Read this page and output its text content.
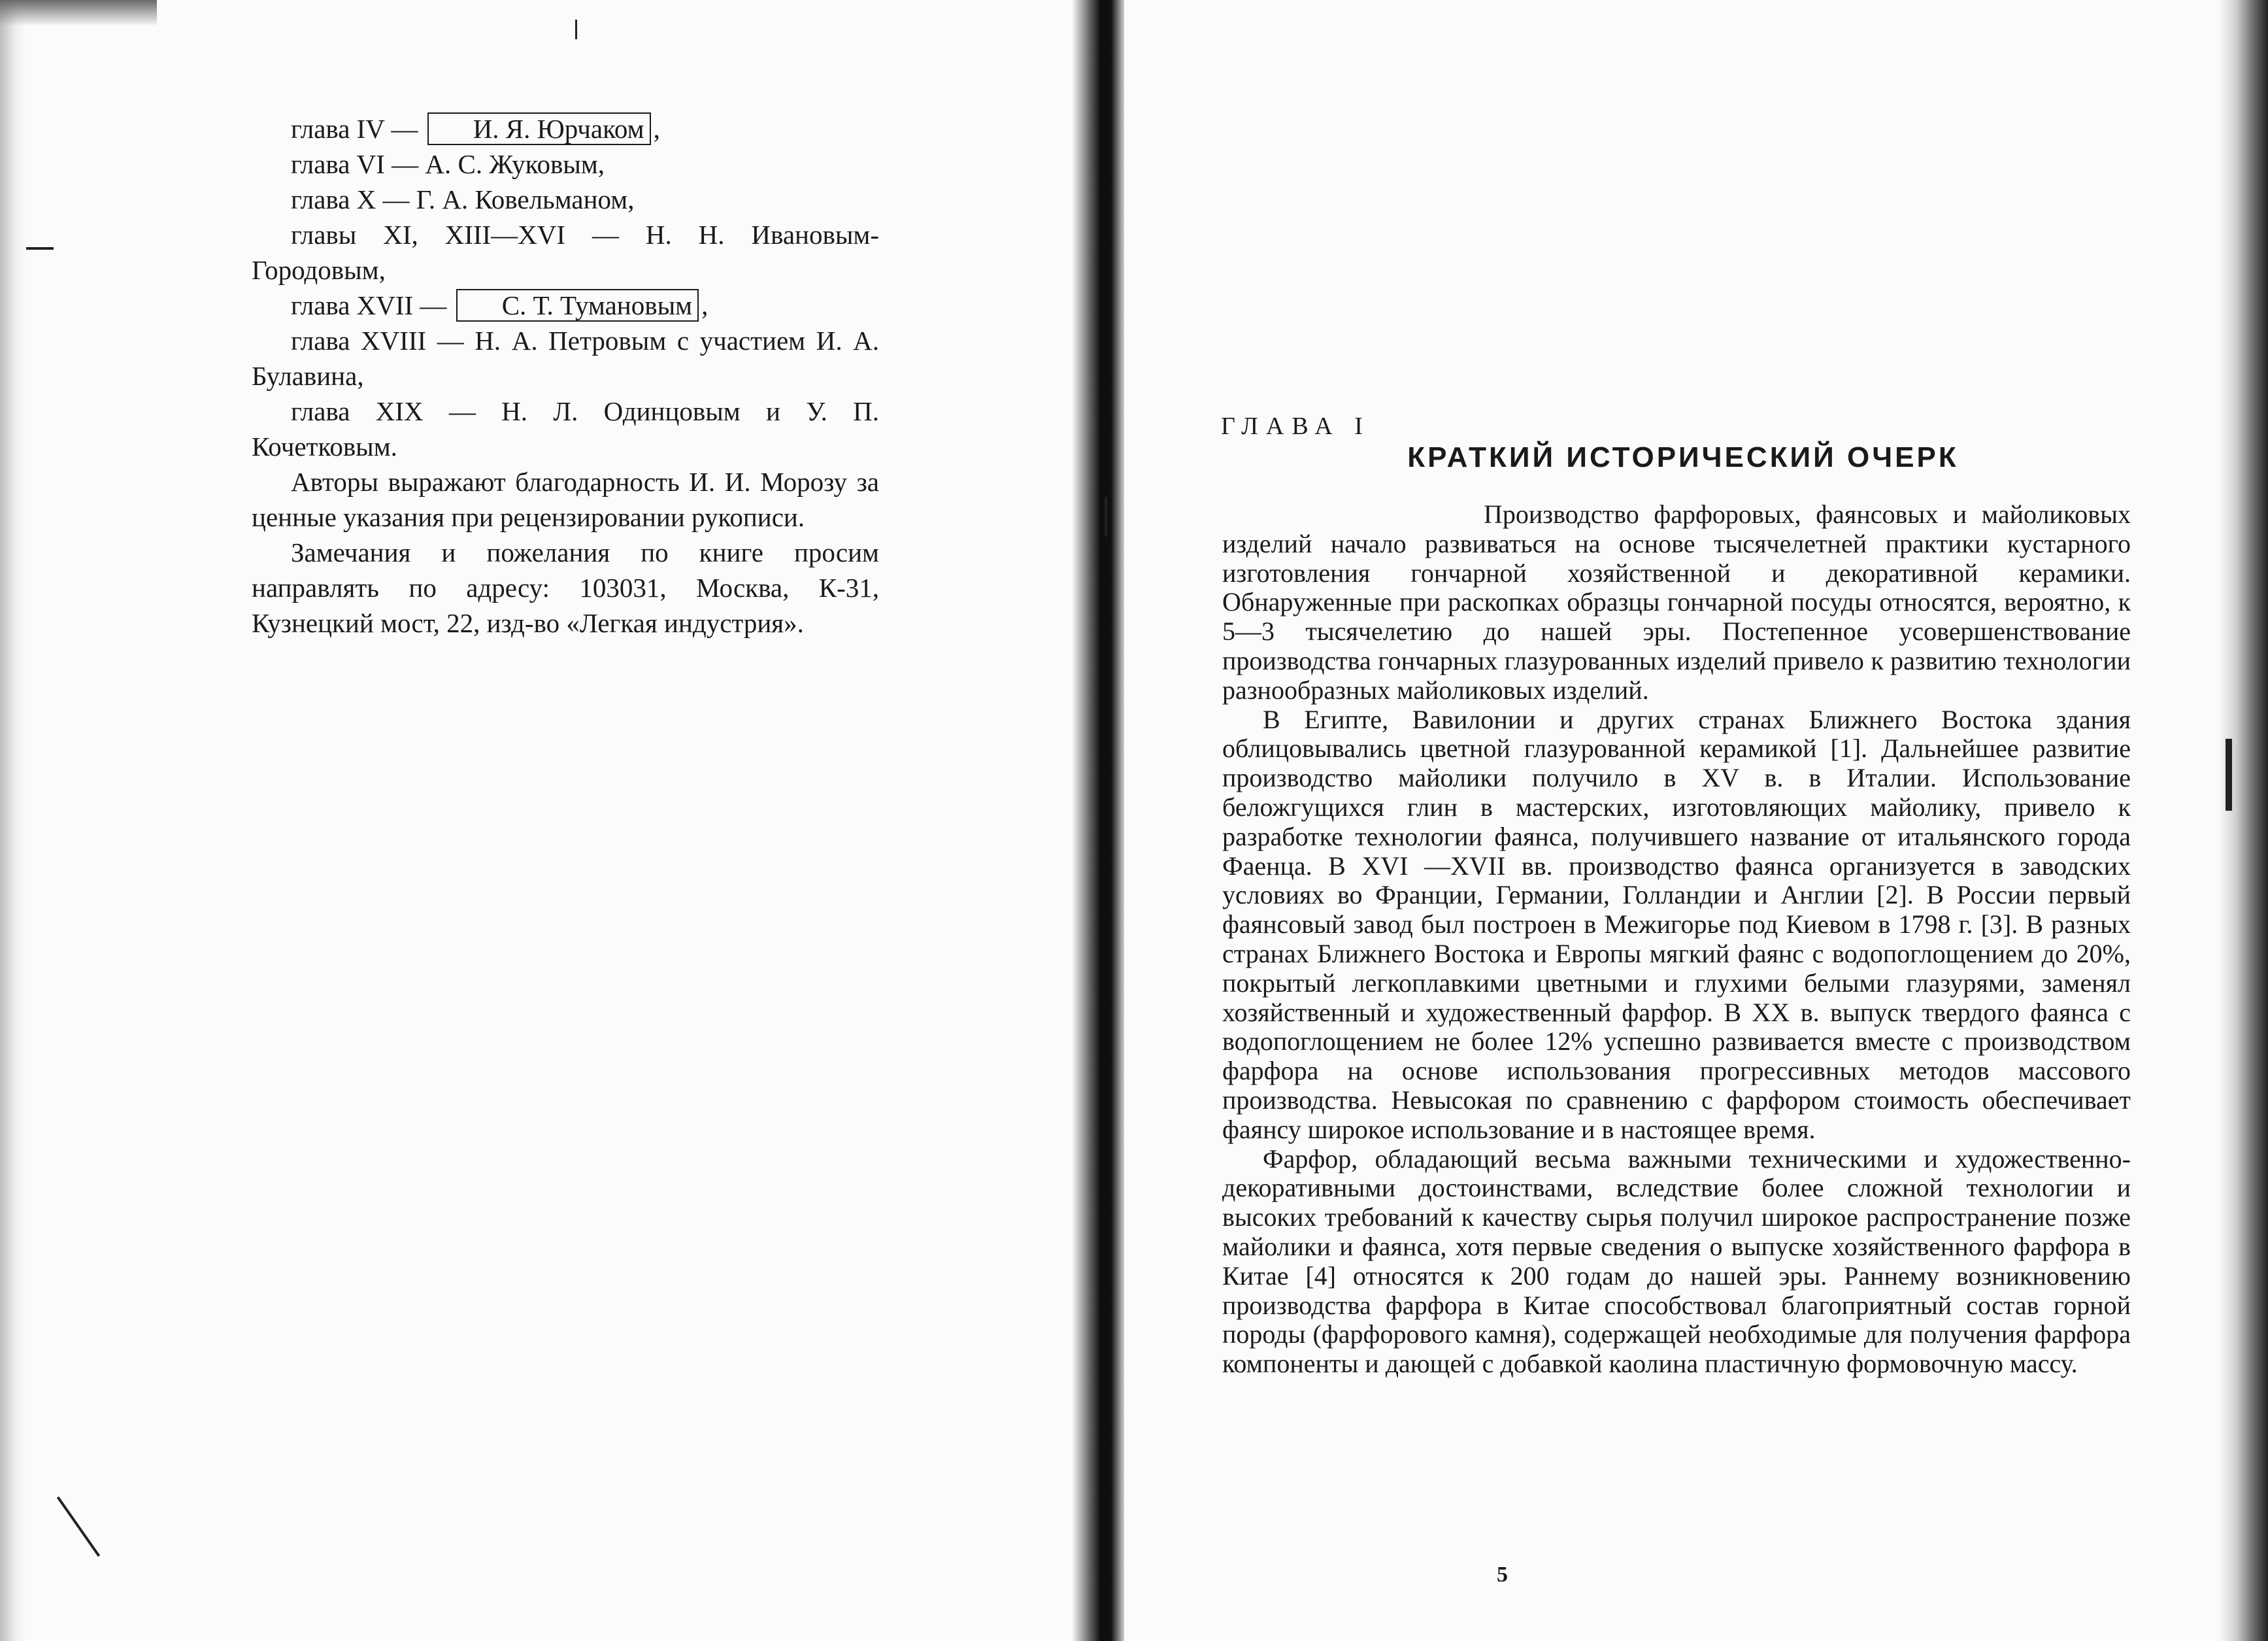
глава IV — И. Я. Юрчаком ,

глава VI — А. С. Жуковым,

глава X — Г. А. Ковельманом,

главы XI, XIII—XVI — Н. Н. Ивановым-Городовым,

глава XVII — С. Т. Тумановым ,

глава XVIII — Н. А. Петровым с участием И. А. Булавина,

глава XIX — Н. Л. Одинцовым и У. П. Кочетковым.

Авторы выражают благодарность И. И. Морозу за ценные указания при рецензировании рукописи.

Замечания и пожелания по книге просим направлять по адресу: 103031, Москва, К-31, Кузнецкий мост, 22, изд-во «Легкая индустрия».

ГЛАВА I
КРАТКИЙ ИСТОРИЧЕСКИЙ ОЧЕРК

Производство фарфоровых, фаянсовых и майоликовых изделий начало развиваться на основе тысячелетней практики кустарного изготовления гончарной хозяйственной и декоративной керамики. Обнаруженные при раскопках образцы гончарной посуды относятся, вероятно, к 5—3 тысячелетию до нашей эры. Постепенное усовершенствование производства гончарных глазурованных изделий привело к развитию технологии разнообразных майоликовых изделий.

В Египте, Вавилонии и других странах Ближнего Востока здания облицовывались цветной глазурованной керамикой [1]. Дальнейшее развитие производство майолики получило в XV в. в Италии. Использование беложгущихся глин в мастерских, изготовляющих майолику, привело к разработке технологии фаянса, получившего название от итальянского города Фаенца. В XVI —XVII вв. производство фаянса организуется в заводских условиях во Франции, Германии, Голландии и Англии [2]. В России первый фаянсовый завод был построен в Межигорье под Киевом в 1798 г. [3]. В разных странах Ближнего Востока и Европы мягкий фаянс с водопоглощением до 20%, покрытый легкоплавкими цветными и глухими белыми глазурями, заменял хозяйственный и художественный фарфор. В XX в. выпуск твердого фаянса с водопоглощением не более 12% успешно развивается вместе с производством фарфора на основе использования прогрессивных методов массового производства. Невысокая по сравнению с фарфором стоимость обеспечивает фаянсу широкое использование и в настоящее время.

Фарфор, обладающий весьма важными техническими и художественно-декоративными достоинствами, вследствие более сложной технологии и высоких требований к качеству сырья получил широкое распространение позже майолики и фаянса, хотя первые сведения о выпуске хозяйственного фарфора в Китае [4] относятся к 200 годам до нашей эры. Раннему возникновению производства фарфора в Китае способствовал благоприятный состав горной породы (фарфорового камня), содержащей необходимые для получения фарфора компоненты и дающей с добавкой каолина пластичную формовочную массу.

5
